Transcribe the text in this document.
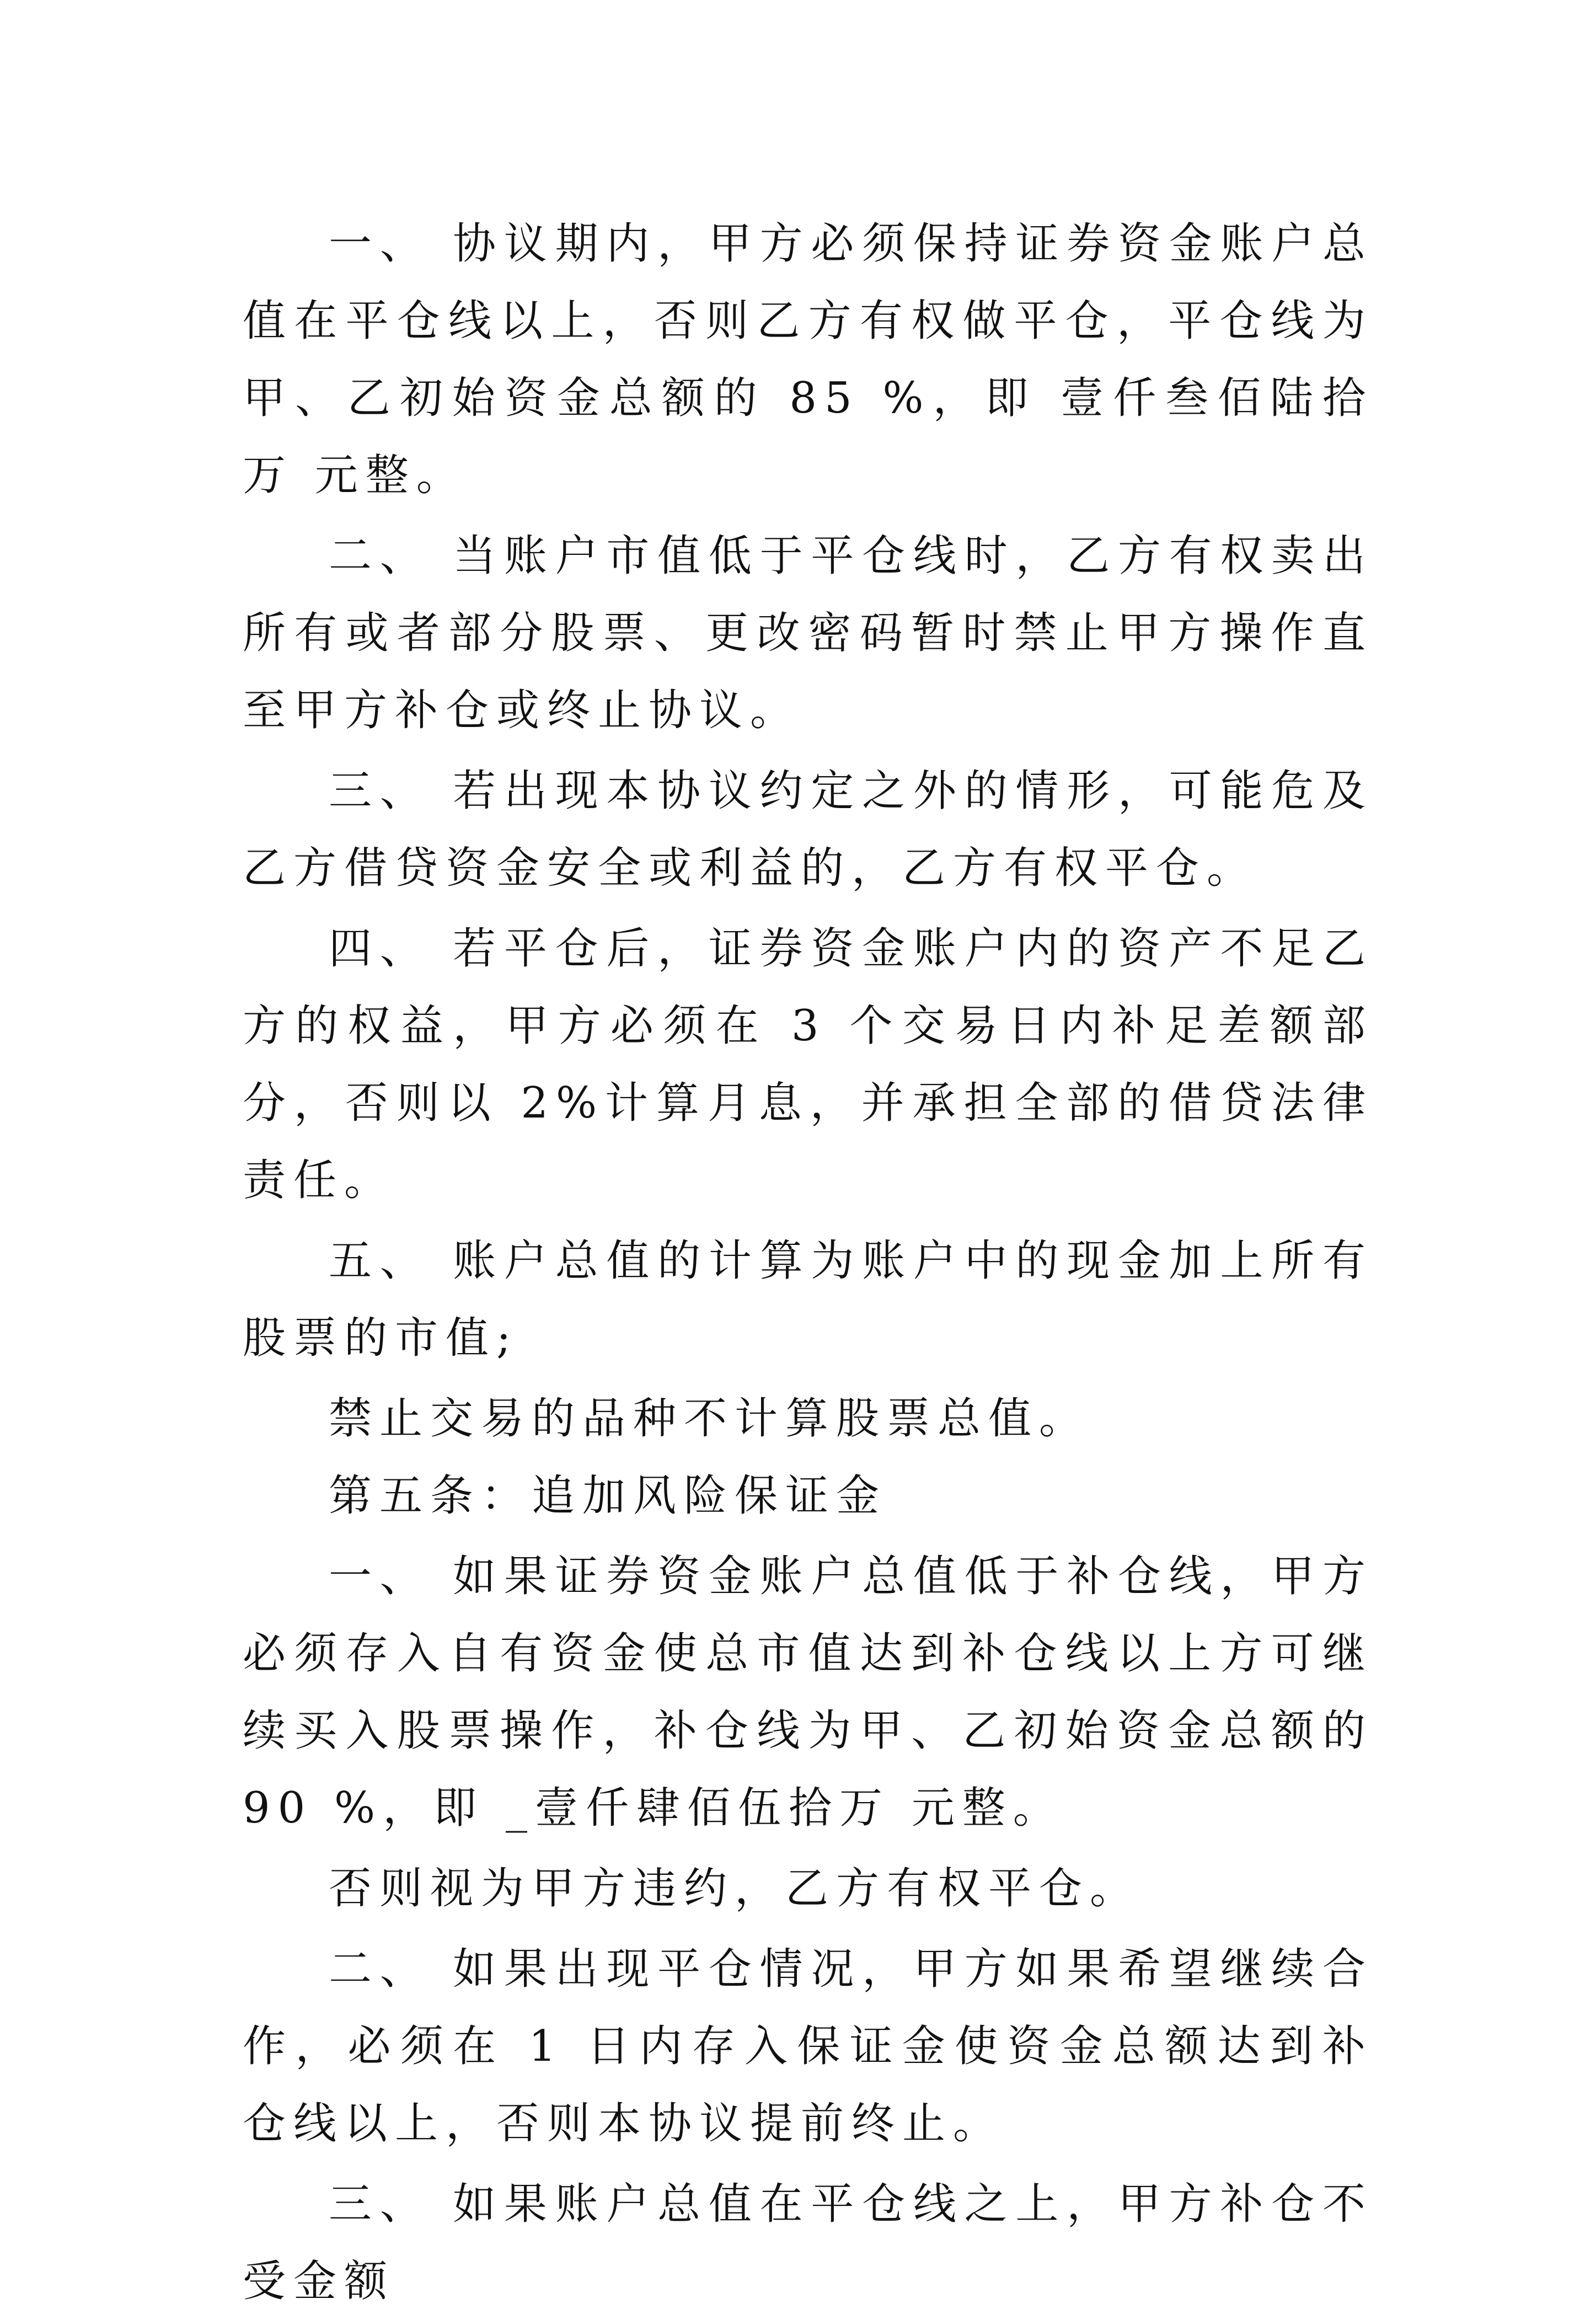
一、 协议期内，甲方必须保持证券资金账户总值在平仓线以上，否则乙方有权做平仓，平仓线为甲、乙初始资金总额的 85 %，即 壹仟叁佰陆拾万 元整。

二、 当账户市值低于平仓线时，乙方有权卖出所有或者部分股票、更改密码暂时禁止甲方操作直至甲方补仓或终止协议。

三、 若出现本协议约定之外的情形，可能危及乙方借贷资金安全或利益的，乙方有权平仓。

四、 若平仓后，证券资金账户内的资产不足乙方的权益，甲方必须在 3 个交易日内补足差额部分，否则以 2%计算月息，并承担全部的借贷法律责任。

五、 账户总值的计算为账户中的现金加上所有股票的市值;

禁止交易的品种不计算股票总值。

第五条：追加风险保证金

一、 如果证券资金账户总值低于补仓线，甲方必须存入自有资金使总市值达到补仓线以上方可继续买入股票操作，补仓线为甲、乙初始资金总额的 90 %，即 _壹仟肆佰伍拾万 元整。

否则视为甲方违约，乙方有权平仓。

二、 如果出现平仓情况，甲方如果希望继续合作，必须在 1 日内存入保证金使资金总额达到补仓线以上，否则本协议提前终止。

三、 如果账户总值在平仓线之上，甲方补仓不受金额
